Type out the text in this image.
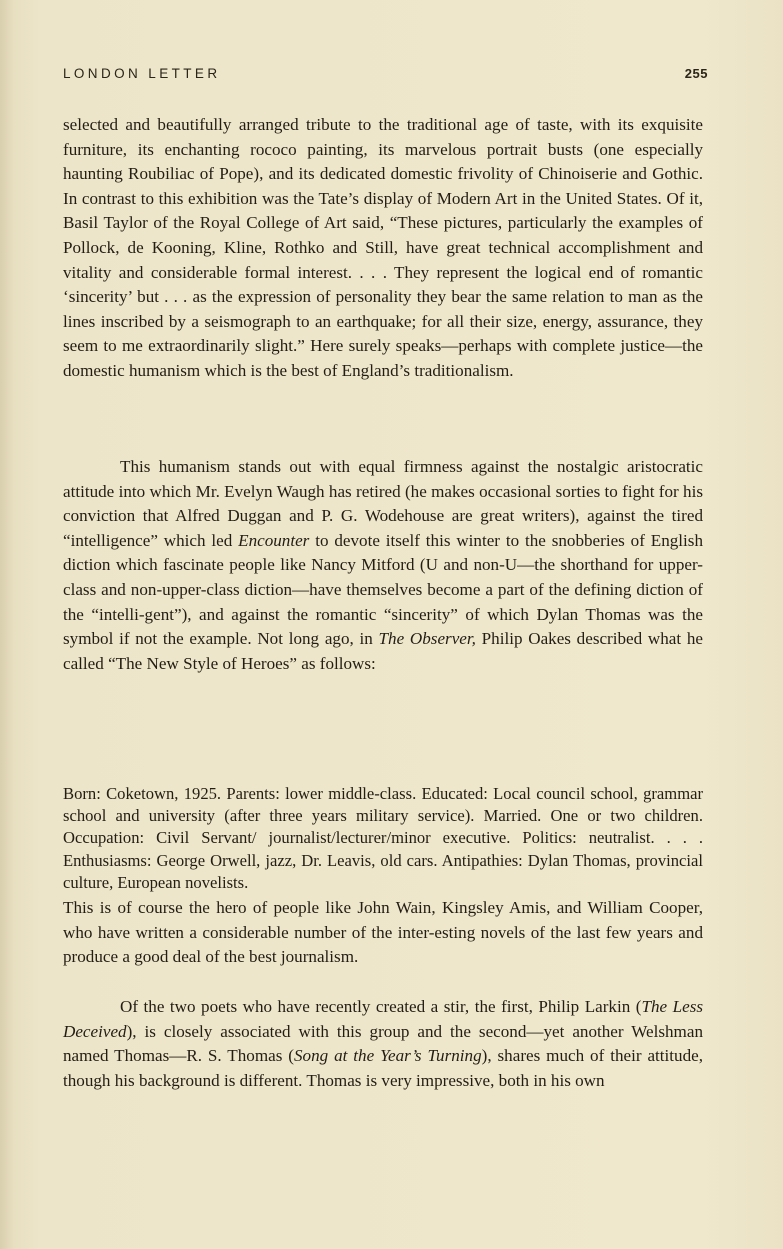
LONDON LETTER	255

selected and beautifully arranged tribute to the traditional age of taste, with its exquisite furniture, its enchanting rococo painting, its marvelous portrait busts (one especially haunting Roubiliac of Pope), and its dedicated domestic frivolity of Chinoiserie and Gothic. In contrast to this exhibition was the Tate’s display of Modern Art in the United States. Of it, Basil Taylor of the Royal College of Art said, “These pictures, particularly the examples of Pollock, de Kooning, Kline, Rothko and Still, have great technical accomplishment and vitality and considerable formal interest. . . . They represent the logical end of romantic ‘sincerity’ but . . . as the expression of personality they bear the same relation to man as the lines inscribed by a seismograph to an earthquake; for all their size, energy, assurance, they seem to me extraordinarily slight.” Here surely speaks—perhaps with complete justice—the domestic humanism which is the best of England’s traditionalism.

This humanism stands out with equal firmness against the nostalgic aristocratic attitude into which Mr. Evelyn Waugh has retired (he makes occasional sorties to fight for his conviction that Alfred Duggan and P. G. Wodehouse are great writers), against the tired “intelligence” which led Encounter to devote itself this winter to the snobberies of English diction which fascinate people like Nancy Mitford (U and non-U—the shorthand for upper-class and non-upper-class diction—have themselves become a part of the defining diction of the “intelli-gent”), and against the romantic “sincerity” of which Dylan Thomas was the symbol if not the example. Not long ago, in The Observer, Philip Oakes described what he called “The New Style of Heroes” as follows:

Born: Coketown, 1925. Parents: lower middle-class. Educated: Local council school, grammar school and university (after three years military service). Married. One or two children. Occupation: Civil Servant/ journalist/lecturer/minor executive. Politics: neutralist. . . . Enthusiasms: George Orwell, jazz, Dr. Leavis, old cars. Antipathies: Dylan Thomas, provincial culture, European novelists.

This is of course the hero of people like John Wain, Kingsley Amis, and William Cooper, who have written a considerable number of the inter-esting novels of the last few years and produce a good deal of the best journalism.

Of the two poets who have recently created a stir, the first, Philip Larkin (The Less Deceived), is closely associated with this group and the second—yet another Welshman named Thomas—R. S. Thomas (Song at the Year’s Turning), shares much of their attitude, though his background is different. Thomas is very impressive, both in his own
